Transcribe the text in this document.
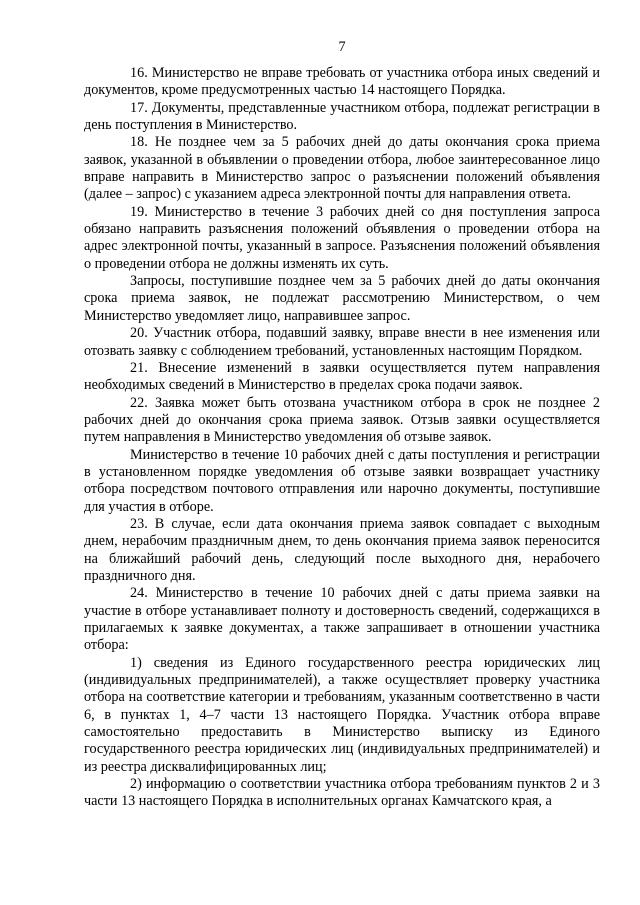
7

16. Министерство не вправе требовать от участника отбора иных сведений и документов, кроме предусмотренных частью 14 настоящего Порядка.

17. Документы, представленные участником отбора, подлежат регистрации в день поступления в Министерство.

18. Не позднее чем за 5 рабочих дней до даты окончания срока приема заявок, указанной в объявлении о проведении отбора, любое заинтересованное лицо вправе направить в Министерство запрос о разъяснении положений объявления (далее – запрос) с указанием адреса электронной почты для направления ответа.

19. Министерство в течение 3 рабочих дней со дня поступления запроса обязано направить разъяснения положений объявления о проведении отбора на адрес электронной почты, указанный в запросе. Разъяснения положений объявления о проведении отбора не должны изменять их суть.

Запросы, поступившие позднее чем за 5 рабочих дней до даты окончания срока приема заявок, не подлежат рассмотрению Министерством, о чем Министерство уведомляет лицо, направившее запрос.

20. Участник отбора, подавший заявку, вправе внести в нее изменения или отозвать заявку с соблюдением требований, установленных настоящим Порядком.

21. Внесение изменений в заявки осуществляется путем направления необходимых сведений в Министерство в пределах срока подачи заявок.

22. Заявка может быть отозвана участником отбора в срок не позднее 2 рабочих дней до окончания срока приема заявок. Отзыв заявки осуществляется путем направления в Министерство уведомления об отзыве заявок.

Министерство в течение 10 рабочих дней с даты поступления и регистрации в установленном порядке уведомления об отзыве заявки возвращает участнику отбора посредством почтового отправления или нарочно документы, поступившие для участия в отборе.

23. В случае, если дата окончания приема заявок совпадает с выходным днем, нерабочим праздничным днем, то день окончания приема заявок переносится на ближайший рабочий день, следующий после выходного дня, нерабочего праздничного дня.

24. Министерство в течение 10 рабочих дней с даты приема заявки на участие в отборе устанавливает полноту и достоверность сведений, содержащихся в прилагаемых к заявке документах, а также запрашивает в отношении участника отбора:

1) сведения из Единого государственного реестра юридических лиц (индивидуальных предпринимателей), а также осуществляет проверку участника отбора на соответствие категории и требованиям, указанным соответственно в части 6, в пунктах 1, 4–7 части 13 настоящего Порядка. Участник отбора вправе самостоятельно предоставить в Министерство выписку из Единого государственного реестра юридических лиц (индивидуальных предпринимателей) и из реестра дисквалифицированных лиц;

2) информацию о соответствии участника отбора требованиям пунктов 2 и 3 части 13 настоящего Порядка в исполнительных органах Камчатского края, а
